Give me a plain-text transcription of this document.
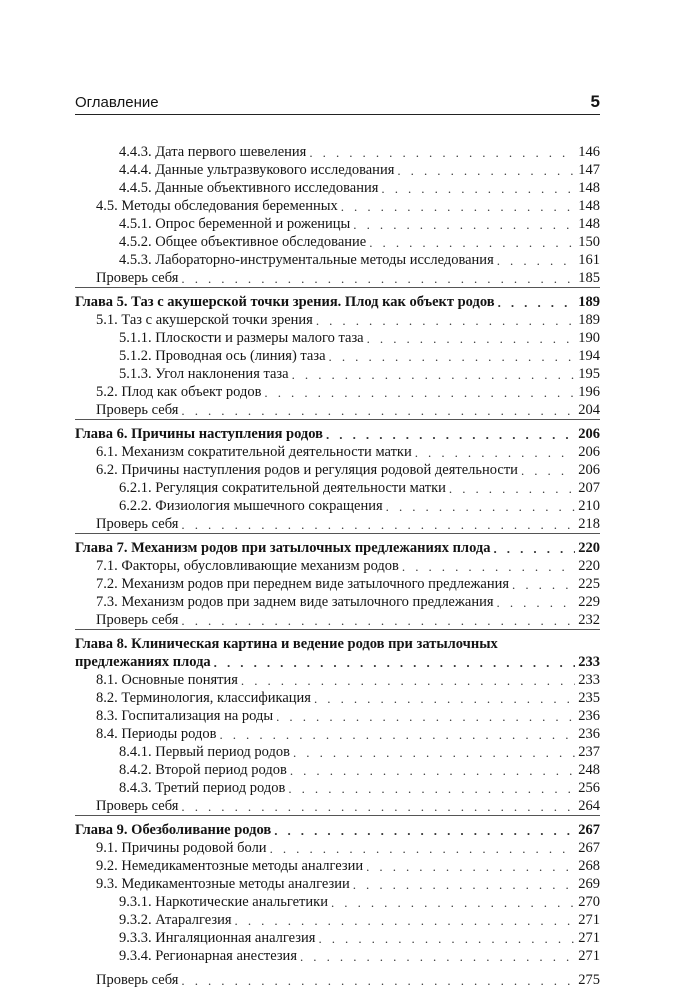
Оглавление	5
4.4.3. Дата первого шевеления . . .	146
4.4.4. Данные ультразвукового исследования . . .	147
4.4.5. Данные объективного исследования . . .	148
4.5. Методы обследования беременных . . .	148
4.5.1. Опрос беременной и роженицы . . .	148
4.5.2. Общее объективное обследование . . .	150
4.5.3. Лабораторно-инструментальные методы исследования . . .	161
Проверь себя . . .	185
Глава 5. Таз с акушерской точки зрения. Плод как объект родов . . .	189
5.1. Таз с акушерской точки зрения . . .	189
5.1.1. Плоскости и размеры малого таза . . .	190
5.1.2. Проводная ось (линия) таза . . .	194
5.1.3. Угол наклонения таза . . .	195
5.2. Плод как объект родов . . .	196
Проверь себя . . .	204
Глава 6. Причины наступления родов . . .	206
6.1. Механизм сократительной деятельности матки . . .	206
6.2. Причины наступления родов и регуляция родовой деятельности . . .	206
6.2.1. Регуляция сократительной деятельности матки . . .	207
6.2.2. Физиология мышечного сокращения . . .	210
Проверь себя . . .	218
Глава 7. Механизм родов при затылочных предлежаниях плода . . .	220
7.1. Факторы, обусловливающие механизм родов . . .	220
7.2. Механизм родов при переднем виде затылочного предлежания . . .	225
7.3. Механизм родов при заднем виде затылочного предлежания . . .	229
Проверь себя . . .	232
Глава 8. Клиническая картина и ведение родов при затылочных
предлежаниях плода . . .	233
8.1. Основные понятия . . .	233
8.2. Терминология, классификация . . .	235
8.3. Госпитализация на роды . . .	236
8.4. Периоды родов . . .	236
8.4.1. Первый период родов . . .	237
8.4.2. Второй период родов . . .	248
8.4.3. Третий период родов . . .	256
Проверь себя . . .	264
Глава 9. Обезболивание родов . . .	267
9.1. Причины родовой боли . . .	267
9.2. Немедикаментозные методы аналгезии . . .	268
9.3. Медикаментозные методы аналгезии . . .	269
9.3.1. Наркотические анальгетики . . .	270
9.3.2. Атаралгезия . . .	271
9.3.3. Ингаляционная аналгезия . . .	271
9.3.4. Регионарная анестезия . . .	271
Проверь себя . . .	275
